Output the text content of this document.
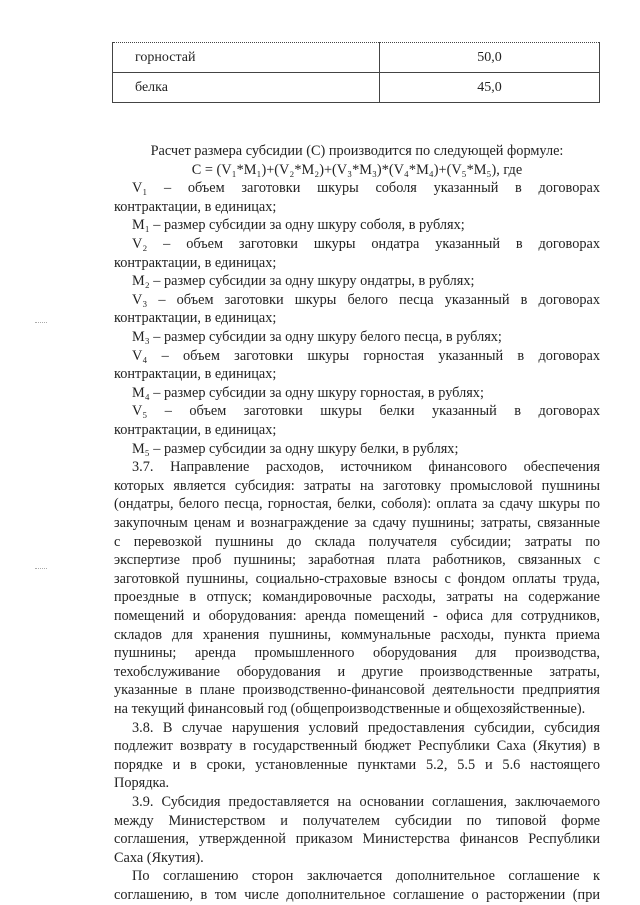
горностай	50,0
белка	45,0
Расчет размера субсидии (С) производится по следующей формуле:
C = (V₁*M₁)+(V₂*M₂)+(V₃*M₃)*(V₄*M₄)+(V₅*M₅), где
V₁ – объем заготовки шкуры соболя указанный в договорах
контрактации, в единицах;
M₁ – размер субсидии за одну шкуру соболя, в рублях;
V₂ – объем заготовки шкуры ондатра указанный в договорах
контрактации, в единицах;
M₂ – размер субсидии за одну шкуру ондатры, в рублях;
V₃ – объем заготовки шкуры белого песца указанный в договорах
контрактации, в единицах;
M₃ – размер субсидии за одну шкуру белого песца, в рублях;
V₄ – объем заготовки шкуры горностая указанный в договорах
контрактации, в единицах;
M₄ – размер субсидии за одну шкуру горностая, в рублях;
V₅ – объем заготовки шкуры белки указанный в договорах
контрактации, в единицах;
M₅ – размер субсидии за одну шкуру белки, в рублях;
3.7. Направление расходов, источником финансового обеспечения
которых является субсидия: затраты на заготовку промысловой пушнины
(ондатры, белого песца, горностая, белки, соболя): оплата за сдачу шкуры по
закупочным ценам и вознаграждение за сдачу пушнины; затраты, связанные
с перевозкой пушнины до склада получателя субсидии; затраты по
экспертизе проб пушнины; заработная плата работников, связанных с
заготовкой пушнины, социально-страховые взносы с фондом оплаты труда,
проездные в отпуск; командировочные расходы, затраты на содержание
помещений и оборудования: аренда помещений - офиса для сотрудников,
складов для хранения пушнины, коммунальные расходы, пункта приема
пушнины; аренда промышленного оборудования для производства,
техобслуживание оборудования и другие производственные затраты,
указанные в плане производственно-финансовой деятельности предприятия
на текущий финансовый год (общепроизводственные и общехозяйственные).
3.8. В случае нарушения условий предоставления субсидии, субсидия
подлежит возврату в государственный бюджет Республики Саха (Якутия) в
порядке и в сроки, установленные пунктами 5.2, 5.5 и 5.6 настоящего
Порядка.
3.9. Субсидия предоставляется на основании соглашения, заключаемого
между Министерством и получателем субсидии по типовой форме
соглашения, утвержденной приказом Министерства финансов Республики
Саха (Якутия).
По соглашению сторон заключается дополнительное соглашение к
соглашению, в том числе дополнительное соглашение о расторжении (при
